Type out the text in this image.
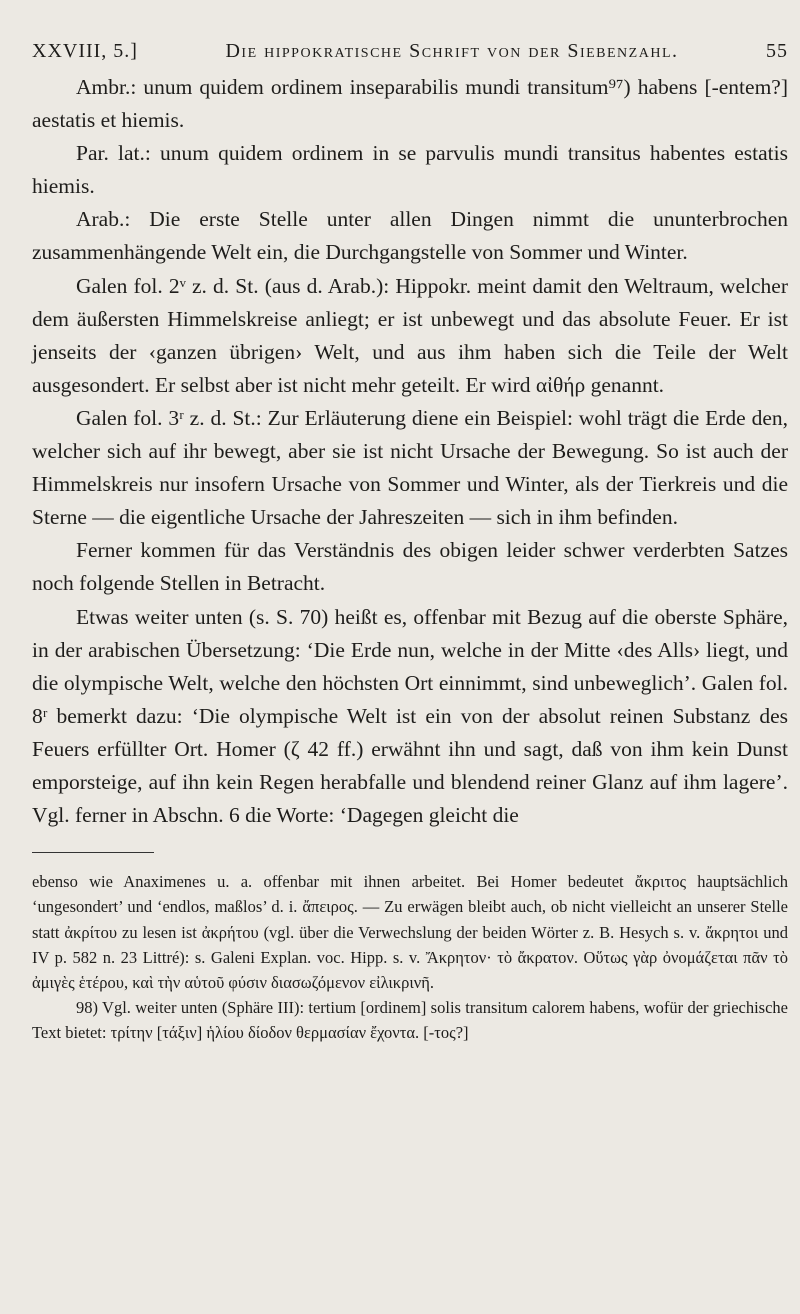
XXVIII, 5.]	Die hippokratische Schrift von der Siebenzahl.	55

Ambr.: unum quidem ordinem inseparabilis mundi transitum⁹⁷) habens [-entem?] aestatis et hiemis.

Par. lat.: unum quidem ordinem in se parvulis mundi transitus habentes estatis hiemis.

Arab.: Die erste Stelle unter allen Dingen nimmt die ununterbrochen zusammenhängende Welt ein, die Durchgangstelle von Sommer und Winter.

Galen fol. 2ᵛ z. d. St. (aus d. Arab.): Hippokr. meint damit den Weltraum, welcher dem äußersten Himmelskreise anliegt; er ist unbewegt und das absolute Feuer. Er ist jenseits der ‹ganzen übrigen› Welt, und aus ihm haben sich die Teile der Welt ausgesondert. Er selbst aber ist nicht mehr geteilt. Er wird αἰθήρ genannt.

Galen fol. 3ʳ z. d. St.: Zur Erläuterung diene ein Beispiel: wohl trägt die Erde den, welcher sich auf ihr bewegt, aber sie ist nicht Ursache der Bewegung. So ist auch der Himmelskreis nur insofern Ursache von Sommer und Winter, als der Tierkreis und die Sterne — die eigentliche Ursache der Jahreszeiten — sich in ihm befinden.

Ferner kommen für das Verständnis des obigen leider schwer verderbten Satzes noch folgende Stellen in Betracht.

Etwas weiter unten (s. S. 70) heißt es, offenbar mit Bezug auf die oberste Sphäre, in der arabischen Übersetzung: ‘Die Erde nun, welche in der Mitte ‹des Alls› liegt, und die olympische Welt, welche den höchsten Ort einnimmt, sind unbeweglich’. Galen fol. 8ʳ bemerkt dazu: ‘Die olympische Welt ist ein von der absolut reinen Substanz des Feuers erfüllter Ort. Homer (ζ 42 ff.) erwähnt ihn und sagt, daß von ihm kein Dunst emporsteige, auf ihn kein Regen herabfalle und blendend reiner Glanz auf ihm lagere’. Vgl. ferner in Abschn. 6 die Worte: ‘Dagegen gleicht die

ebenso wie Anaximenes u. a. offenbar mit ihnen arbeitet. Bei Homer bedeutet ἄκριτος hauptsächlich ‘ungesondert’ und ‘endlos, maßlos’ d. i. ἄπειρος. — Zu erwägen bleibt auch, ob nicht vielleicht an unserer Stelle statt ἀκρίτου zu lesen ist ἀκρήτου (vgl. über die Verwechslung der beiden Wörter z. B. Hesych s. v. ἄκρητοι und IV p. 582 n. 23 Littré): s. Galeni Explan. voc. Hipp. s. v. Ἄκρητον· τὸ ἄκρατον. Οὕτως γὰρ ὀνομάζεται πᾶν τὸ ἀμιγὲς ἑτέρου, καὶ τὴν αὑτοῦ φύσιν διασωζόμενον εἰλικρινῆ.

98) Vgl. weiter unten (Sphäre III): tertium [ordinem] solis transitum calorem habens, wofür der griechische Text bietet: τρίτην [τάξιν] ἡλίου δίοδον θερμασίαν ἔχοντα. [-τος?]
